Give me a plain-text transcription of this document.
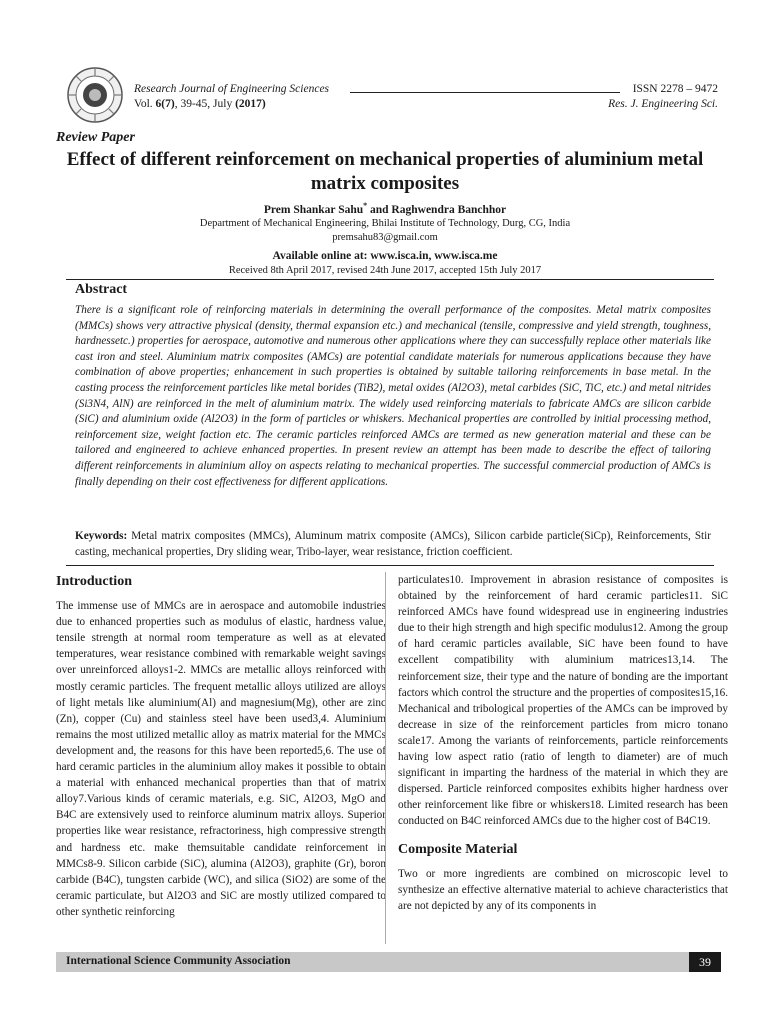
Research Journal of Engineering Sciences
Vol. 6(7), 39-45, July (2017)
ISSN 2278 – 9472
Res. J. Engineering Sci.
Review Paper
Effect of different reinforcement on mechanical properties of aluminium metal matrix composites
Prem Shankar Sahu* and Raghwendra Banchhor
Department of Mechanical Engineering, Bhilai Institute of Technology, Durg, CG, India
premsahu83@gmail.com
Available online at: www.isca.in, www.isca.me
Received 8th April 2017, revised 24th June 2017, accepted 15th July 2017
Abstract
There is a significant role of reinforcing materials in determining the overall performance of the composites. Metal matrix composites (MMCs) shows very attractive physical (density, thermal expansion etc.) and mechanical (tensile, compressive and yield strength, toughness, hardnessetc.) properties for aerospace, automotive and numerous other applications where they can successfully replace other materials like cast iron and steel. Aluminium matrix composites (AMCs) are potential candidate materials for numerous applications because they have combination of above properties; enhancement in such properties is obtained by suitable tailoring reinforcements in base metal. In the casting process the reinforcement particles like metal borides (TiB2), metal oxides (Al2O3), metal carbides (SiC, TiC, etc.) and metal nitrides (Si3N4, AlN) are reinforced in the melt of aluminium matrix. The widely used reinforcing materials to fabricate AMCs are silicon carbide (SiC) and aluminium oxide (Al2O3) in the form of particles or whiskers. Mechanical properties are controlled by initial processing method, reinforcement size, weight faction etc. The ceramic particles reinforced AMCs are termed as new generation material and these can be tailored and engineered to achieve enhanced properties. In present review an attempt has been made to describe the effect of tailoring different reinforcements in aluminium alloy on aspects relating to mechanical properties. The successful commercial production of AMCs is finally depending on their cost effectiveness for different applications.
Keywords: Metal matrix composites (MMCs), Aluminum matrix composite (AMCs), Silicon carbide particle(SiCp), Reinforcements, Stir casting, mechanical properties, Dry sliding wear, Tribo-layer, wear resistance, friction coefficient.
Introduction

The immense use of MMCs are in aerospace and automobile industries due to enhanced properties such as modulus of elastic, hardness value, tensile strength at normal room temperature as well as at elevated temperatures, wear resistance combined with remarkable weight savings over unreinforced alloys1-2. MMCs are metallic alloys reinforced with mostly ceramic particles. The frequent metallic alloys utilized are alloys of light metals like aluminium(Al) and magnesium(Mg), other are zinc (Zn), copper (Cu) and stainless steel have been used3,4. Aluminium remains the most utilized metallic alloy as matrix material for the MMCs development and, the reasons for this have been reported5,6. The use of hard ceramic particles in the aluminium alloy makes it possible to obtain a material with enhanced mechanical properties than that of matrix alloy7.Various kinds of ceramic materials, e.g. SiC, Al2O3, MgO and B4C are extensively used to reinforce aluminum matrix alloys. Superior properties like wear resistance, refractoriness, high compressive strength and hardness etc. make themsuitable candidate reinforcement in MMCs8-9. Silicon carbide (SiC), alumina (Al2O3), graphite (Gr), boron carbide (B4C), tungsten carbide (WC), and silica (SiO2) are some of the ceramic particulate, but Al2O3 and SiC are mostly utilized compared to other synthetic reinforcing

particulates10. Improvement in abrasion resistance of composites is obtained by the reinforcement of hard ceramic particles11. SiC reinforced AMCs have found widespread use in engineering industries due to their high strength and high specific modulus12. Among the group of hard ceramic particles available, SiC have been found to have excellent compatibility with aluminium matrices13,14. The reinforcement size, their type and the nature of bonding are the important factors which control the structure and the properties of composites15,16. Mechanical and tribological properties of the AMCs can be improved by decrease in size of the reinforcement particles from micro tonano scale17. Among the variants of reinforcements, particle reinforcements having low aspect ratio (ratio of length to diameter) are of much significant in imparting the hardness of the material in which they are dispersed. Particle reinforced composites exhibits higher hardness over other reinforcement like fibre or whiskers18. Limited research has been conducted on B4C reinforced AMCs due to the higher cost of B4C19.

Composite Material

Two or more ingredients are combined on microscopic level to synthesize an effective alternative material to achieve characteristics that are not depicted by any of its components in

International Science Community Association	39
